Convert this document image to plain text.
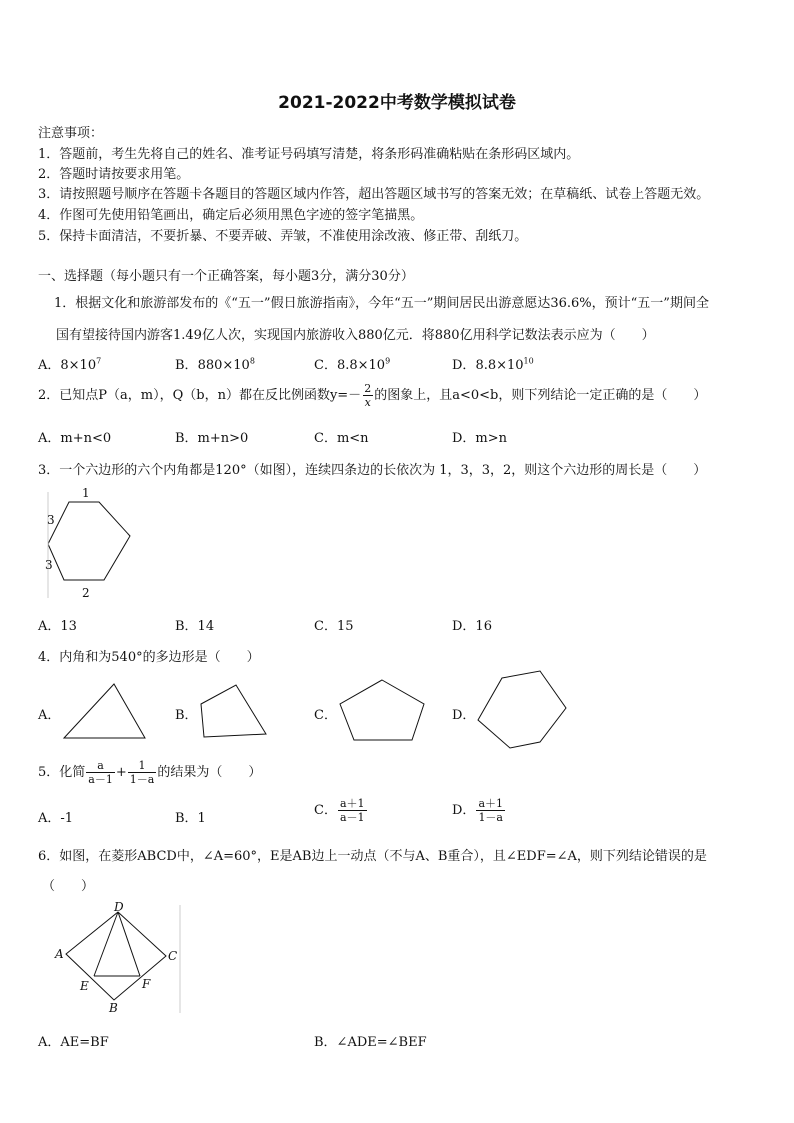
2021-2022中考数学模拟试卷
注意事项：
1．答题前，考生先将自己的姓名、准考证号码填写清楚，将条形码准确粘贴在条形码区域内。
2．答题时请按要求用笔。
3．请按照题号顺序在答题卡各题目的答题区域内作答，超出答题区域书写的答案无效；在草稿纸、试卷上答题无效。
4．作图可先使用铅笔画出，确定后必须用黑色字迹的签字笔描黑。
5．保持卡面清洁，不要折暴、不要弄破、弄皱，不准使用涂改液、修正带、刮纸刀。
一、选择题（每小题只有一个正确答案，每小题3分，满分30分）
1．根据文化和旅游部发布的《“五一”假日旅游指南》，今年“五一”期间居民出游意愿达36.6%，预计“五一”期间全
国有望接待国内游客1.49亿人次，实现国内旅游收入880亿元．将880亿用科学记数法表示应为（　　）
A．$8\times 10^7$	B．$880\times 10^8$	C．$8.8\times 10^9$	D．$8.8\times 10^{10}$
2．已知点P（a，m），Q（b，n）都在反比例函数$y=- \frac{2}{x}$ 的图象上，且a<0<b，则下列结论一定正确的是（　　）
A．m+n<0	B．m+n>0	C．m<n	D．m>n
3．一个六边形的六个内角都是120°（如图），连续四条边的长依次为 1，3，3，2，则这个六边形的周长是（　　）
1
3
3
2
A．13	B．14	C．15	D．16
4．内角和为540°的多边形是（　　）
A．	B．	C．	D．
5．化简 $\frac{a}{a-1} + \frac{1}{1-a}$ 的结果为（　　）
A．-1	B．1
C． $\frac{a+1}{a-1}$	D． $\frac{a+1}{1-a}$
6．如图，在菱形ABCD中，∠A=60°，E是AB边上一动点（不与A、B重合），且∠EDF=∠A，则下列结论错误的是
（　　）
D
A	C
E	F
B
A．AE=BF	B．∠ADE=∠BEF
